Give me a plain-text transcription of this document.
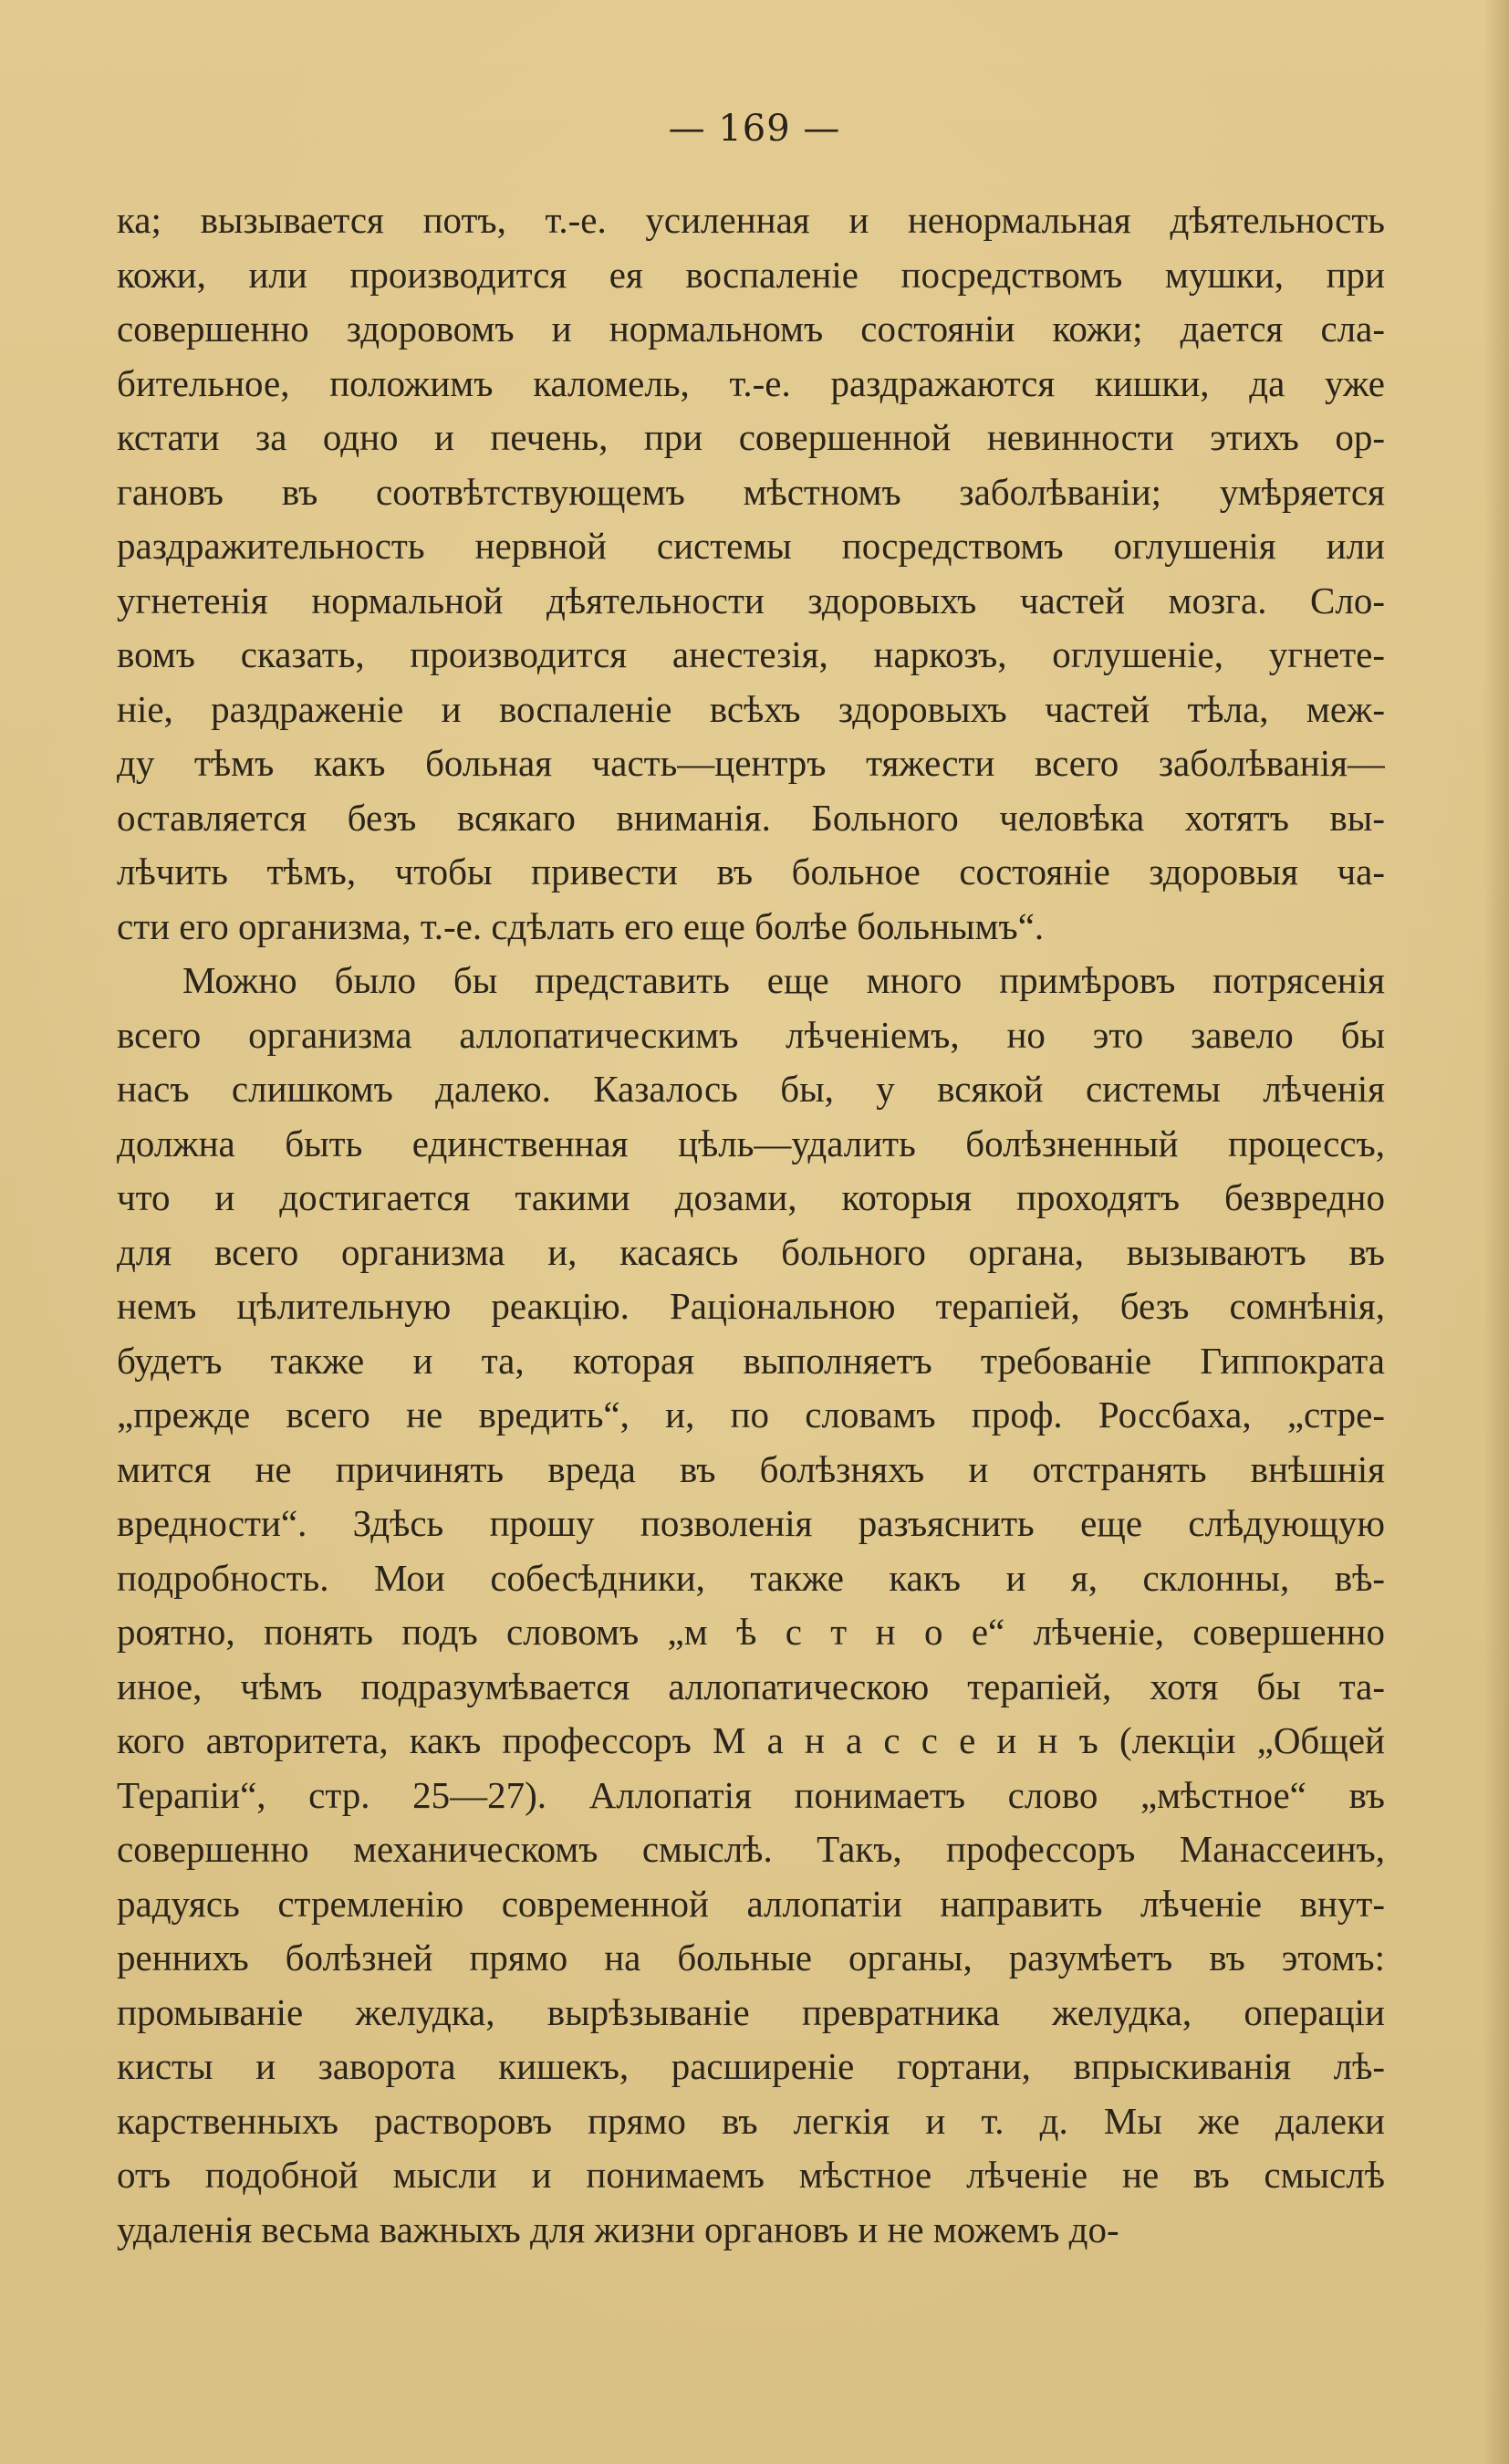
— 169 —
ка; вызывается потъ, т.-е. усиленная и ненормальная дѣятельность
кожи, или производится ея воспаленіе посредствомъ мушки, при
совершенно здоровомъ и нормальномъ состояніи кожи; дается сла-
бительное, положимъ каломель, т.-е. раздражаются кишки, да уже
кстати за одно и печень, при совершенной невинности этихъ ор-
гановъ въ соотвѣтствующемъ мѣстномъ заболѣваніи; умѣряется
раздражительность нервной системы посредствомъ оглушенія или
угнетенія нормальной дѣятельности здоровыхъ частей мозга. Сло-
вомъ сказать, производится анестезія, наркозъ, оглушеніе, угнете-
ніе, раздраженіе и воспаленіе всѣхъ здоровыхъ частей тѣла, меж-
ду тѣмъ какъ больная часть—центръ тяжести всего заболѣванія—
оставляется безъ всякаго вниманія. Больного человѣка хотятъ вы-
лѣчить тѣмъ, чтобы привести въ больное состояніе здоровыя ча-
сти его организма, т.-е. сдѣлать его еще болѣе больнымъ“.
Можно было бы представить еще много примѣровъ потрясенія
всего организма аллопатическимъ лѣченіемъ, но это завело бы
насъ слишкомъ далеко. Казалось бы, у всякой системы лѣченія
должна быть единственная цѣль—удалить болѣзненный процессъ,
что и достигается такими дозами, которыя проходятъ безвредно
для всего организма и, касаясь больного органа, вызываютъ въ
немъ цѣлительную реакцію. Раціональною терапіей, безъ сомнѣнія,
будетъ также и та, которая выполняетъ требованіе Гиппократа
„прежде всего не вредить“, и, по словамъ проф. Россбаха, „стре-
мится не причинять вреда въ болѣзняхъ и отстранять внѣшнія
вредности“. Здѣсь прошу позволенія разъяснить еще слѣдующую
подробность. Мои собесѣдники, также какъ и я, склонны, вѣ-
роятно, понять подъ словомъ „м ѣ с т н о е“ лѣченіе, совершенно
иное, чѣмъ подразумѣвается аллопатическою терапіей, хотя бы та-
кого авторитета, какъ профессоръ М а н а с с е и н ъ (лекціи „Общей
Терапіи“, стр. 25—27). Аллопатія понимаетъ слово „мѣстное“ въ
совершенно механическомъ смыслѣ. Такъ, профессоръ Манассеинъ,
радуясь стремленію современной аллопатіи направить лѣченіе внут-
реннихъ болѣзней прямо на больные органы, разумѣетъ въ этомъ:
промываніе желудка, вырѣзываніе превратника желудка, операціи
кисты и заворота кишекъ, расширеніе гортани, впрыскиванія лѣ-
карственныхъ растворовъ прямо въ легкія и т. д. Мы же далеки
отъ подобной мысли и понимаемъ мѣстное лѣченіе не въ смыслѣ
удаленія весьма важныхъ для жизни органовъ и не можемъ до-
